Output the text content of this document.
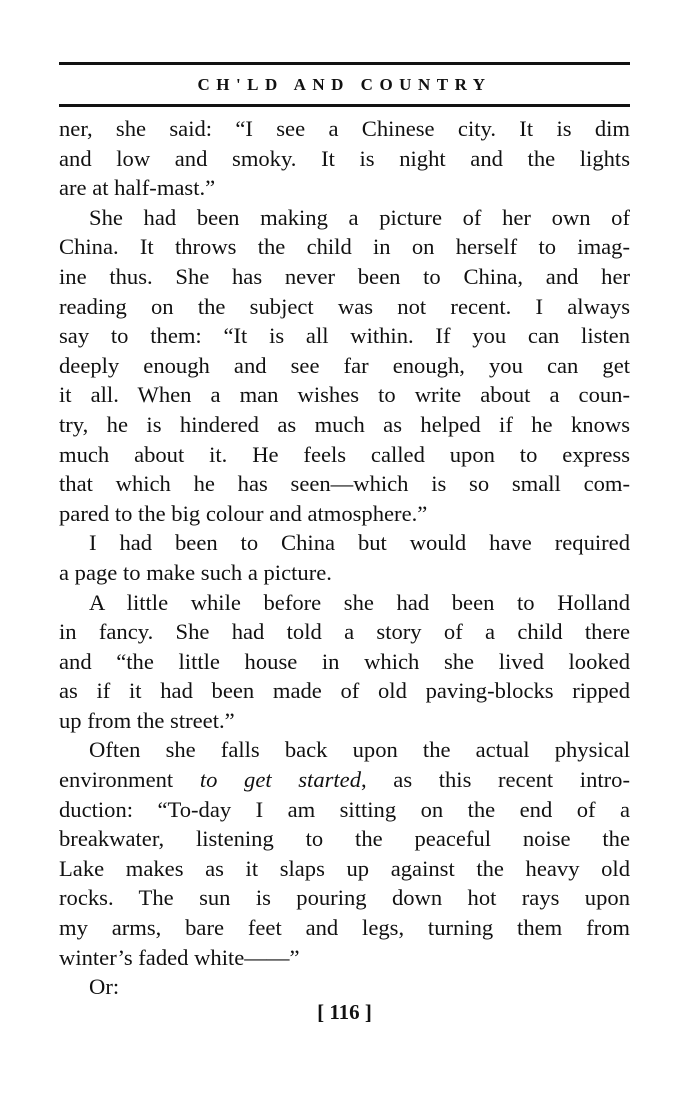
CH'LD AND COUNTRY
ner, she said: “I see a Chinese city. It is dim
and low and smoky. It is night and the lights
are at half-mast.”
She had been making a picture of her own of
China. It throws the child in on herself to imag-
ine thus. She has never been to China, and her
reading on the subject was not recent. I always
say to them: “It is all within. If you can listen
deeply enough and see far enough, you can get
it all. When a man wishes to write about a coun-
try, he is hindered as much as helped if he knows
much about it. He feels called upon to express
that which he has seen—which is so small com-
pared to the big colour and atmosphere.”
I had been to China but would have required
a page to make such a picture.
A little while before she had been to Holland
in fancy. She had told a story of a child there
and “the little house in which she lived looked
as if it had been made of old paving-blocks ripped
up from the street.”
Often she falls back upon the actual physical
environment to get started, as this recent intro-
duction: “To-day I am sitting on the end of a
breakwater, listening to the peaceful noise the
Lake makes as it slaps up against the heavy old
rocks. The sun is pouring down hot rays upon
my arms, bare feet and legs, turning them from
winter’s faded white——”
Or:
[ 116 ]
